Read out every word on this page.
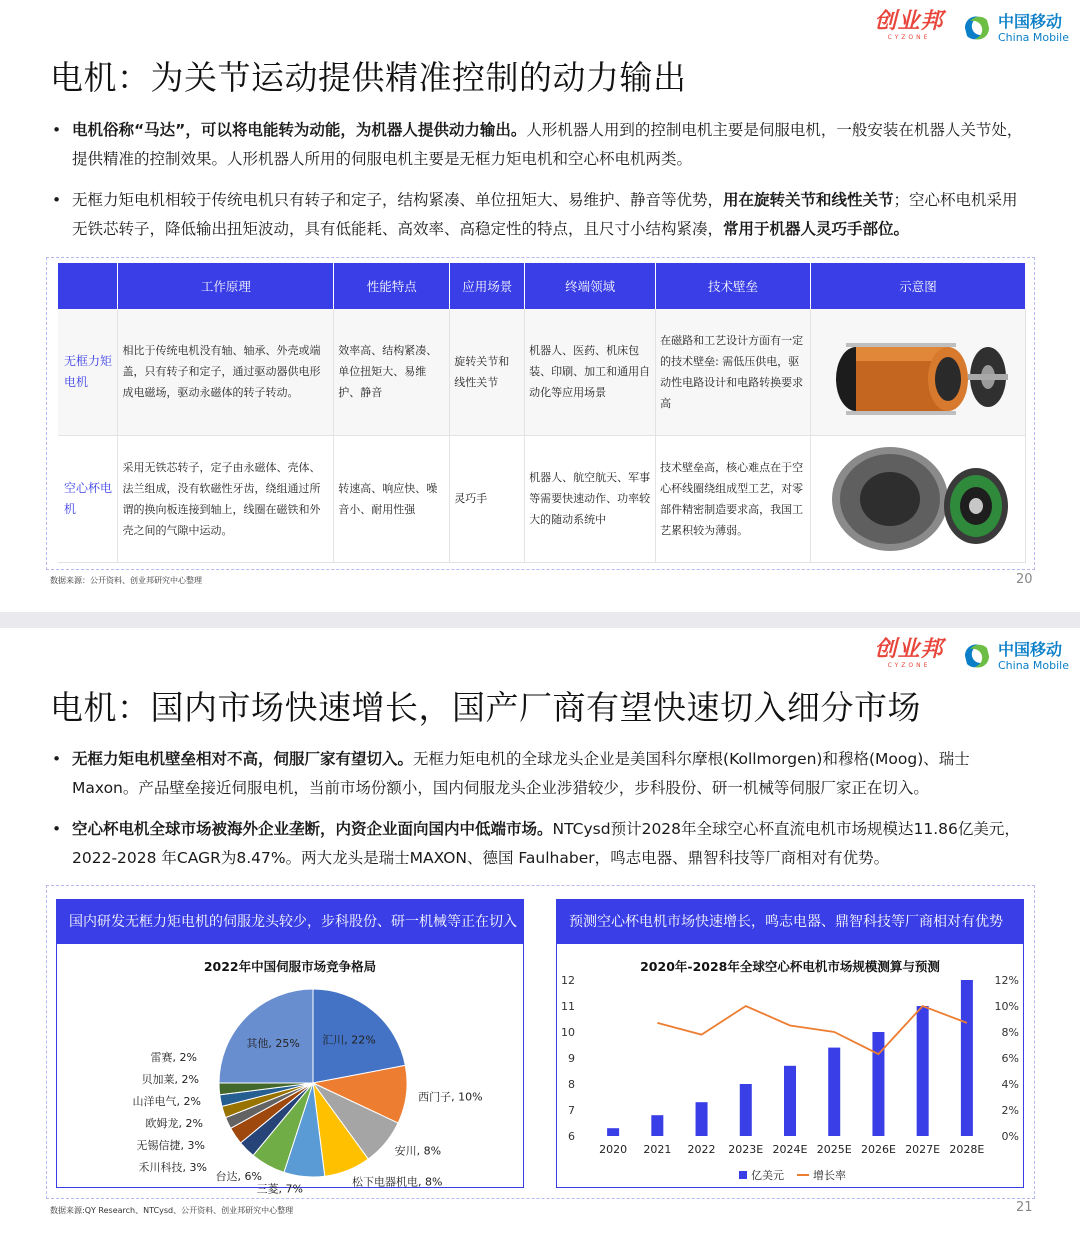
创业邦
CYZONE
中国移动
China Mobile
电机：为关节运动提供精准控制的动力输出
• 电机俗称“马达”，可以将电能转为动能，为机器人提供动力输出。人形机器人用到的控制电机主要是伺服电机，一般安装在机器人关节处，提供精准的控制效果。人形机器人所用的伺服电机主要是无框力矩电机和空心杯电机两类。
• 无框力矩电机相较于传统电机只有转子和定子，结构紧凑、单位扭矩大、易维护、静音等优势，用在旋转关节和线性关节；空心杯电机采用无铁芯转子，降低输出扭矩波动，具有低能耗、高效率、高稳定性的特点，且尺寸小结构紧凑，常用于机器人灵巧手部位。
	工作原理	性能特点	应用场景	终端领域	技术壁垒	示意图
无框力矩电机	相比于传统电机没有轴、轴承、外壳或端盖，只有转子和定子，通过驱动器供电形成电磁场，驱动永磁体的转子转动。	效率高、结构紧凑、单位扭矩大、易维护、静音	旋转关节和线性关节	机器人、医药、机床包装、印刷、加工和通用自动化等应用场景	在磁路和工艺设计方面有一定的技术壁垒: 需低压供电，驱动性电路设计和电路转换要求高	

空心杯电机	采用无铁芯转子，定子由永磁体、壳体、法兰组成，没有软磁性牙齿，绕组通过所谓的换向板连接到轴上，线圈在磁铁和外壳之间的气隙中运动。	转速高、响应快、噪音小、耐用性强	灵巧手	机器人、航空航天、军事等需要快速动作、功率较大的随动系统中	技术壁垒高，核心难点在于空心杯线圈绕组成型工艺，对零部件精密制造要求高，我国工艺累积较为薄弱。	
数据来源：公开资料、创业邦研究中心整理	20
创业邦
CYZONE
中国移动
China Mobile
电机：国内市场快速增长，国产厂商有望快速切入细分市场
• 无框力矩电机壁垒相对不高，伺服厂家有望切入。无框力矩电机的全球龙头企业是美国科尔摩根(Kollmorgen)和穆格(Moog)、瑞士Maxon。产品壁垒接近伺服电机，当前市场份额小，国内伺服龙头企业涉猎较少，步科股份、研一机械等伺服厂家正在切入。
• 空心杯电机全球市场被海外企业垄断，内资企业面向国内中低端市场。NTCysd预计2028年全球空心杯直流电机市场规模达11.86亿美元，2022-2028 年CAGR为8.47%。两大龙头是瑞士MAXON、德国 Faulhaber，鸣志电器、鼎智科技等厂商相对有优势。
国内研发无框力矩电机的伺服龙头较少，步科股份、研一机械等正在切入
2022年中国伺服市场竞争格局
汇川, 22%
西门子, 10%
安川, 8%
松下电器机电, 8%
三菱, 7%
台达, 6%
禾川科技, 3%
无锡信捷, 3%
欧姆龙, 2%
山洋电气, 2%
贝加莱, 2%
雷赛, 2%
其他, 25%
预测空心杯电机市场快速增长，鸣志电器、鼎智科技等厂商相对有优势
2020年-2028年全球空心杯电机市场规模测算与预测
6
7
8
9
10
11
12
0%
2%
4%
6%
8%
10%
12%
2020 2021 2022 2023E 2024E 2025E 2026E 2027E 2028E
亿美元	增长率
数据来源:QY Research、NTCysd、公开资料、创业邦研究中心整理	21
